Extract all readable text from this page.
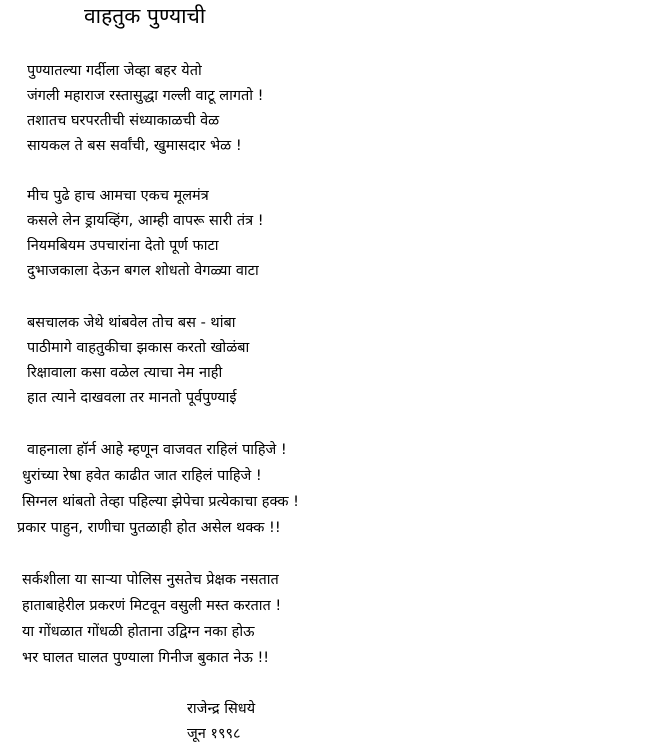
वाहतुक पुण्याची
पुण्यातल्या गर्दीला जेव्हा बहर येतो
जंगली महाराज रस्तासुद्धा गल्ली वाटू लागतो !
तशातच घरपरतीची संध्याकाळची वेळ
सायकल ते बस सर्वांची, खुमासदार भेळ !
मीच पुढे हाच आमचा एकच मूलमंत्र
कसले लेन ड्रायव्हिंग, आम्ही वापरू सारी तंत्र !
नियमबियम उपचारांना देतो पूर्ण फाटा
दुभाजकाला देऊन बगल शोधतो वेगळ्या वाटा
बसचालक जेथे थांबवेल तोच बस - थांबा
पाठीमागे वाहतुकीचा झकास करतो खोळंबा
रिक्षावाला कसा वळेल त्याचा नेम नाही
हात त्याने दाखवला तर मानतो पूर्वपुण्याई
वाहनाला हॉर्न आहे म्हणून वाजवत राहिलं पाहिजे !
धुरांच्या रेषा हवेत काढीत जात राहिलं पाहिजे !
सिग्नल थांबतो तेव्हा पहिल्या झेपेचा प्रत्येकाचा हक्क !
प्रकार पाहुन, राणीचा पुतळाही होत असेल थक्क !!
सर्कशीला या साऱ्या पोलिस नुसतेच प्रेक्षक नसतात
हाताबाहेरील प्रकरणं मिटवून वसुली मस्त करतात !
या गोंधळात गोंधळी होताना उद्विग्न नका होऊ
भर घालत घालत पुण्याला गिनीज बुकात नेऊ !!
राजेन्द्र सिधये
जून १९९८
